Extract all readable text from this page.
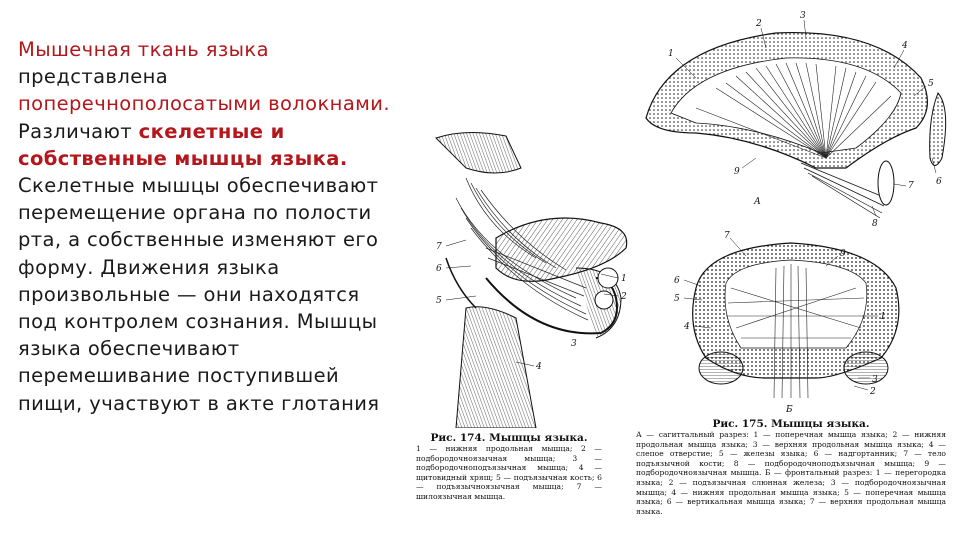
Мышечная ткань языка
представлена поперечнополосатыми волокнами. Различают скелетные и собственные мышцы языка. Скелетные мышцы обеспечивают перемещение органа по полости рта, а собственные изменяют его форму. Движения языка произвольные — они находятся под контролем сознания. Мышцы языка обеспечивают перемешивание поступившей пищи, участвуют в акте глотания
7
6
5
3
1
2
4
Рис. 174. Мышцы языка.
1 — нижняя продольная мышца; 2 — подбородочноязычная мышца; 3 — подбородочноподъязычная мышца; 4 — щитовидный хрящ; 5 — подъязычная кость; 6 — подъязычноязычная мышца; 7 — шилоязычная мышца.
1
2
3
4
5
6
7
8
9
А
7
6
5
4
3
1
2
9
Б
Рис. 175. Мышцы языка.
А — сагиттальный разрез: 1 — поперечная мышца языка; 2 — нижняя продольная мышца языка; 3 — верхняя продольная мышца языка; 4 — слепое отверстие; 5 — железы языка; 6 — надгортанник; 7 — тело подъязычной кости; 8 — подбородочноподъязычная мышца; 9 — подбородочноязычная мышца. Б — фронтальный разрез: 1 — перегородка языка; 2 — подъязычная слюнная железа; 3 — подбородочноязычная мышца; 4 — нижняя продольная мышца языка; 5 — поперечная мышца языка; 6 — вертикальная мышца языка; 7 — верхняя продольная мышца языка.
